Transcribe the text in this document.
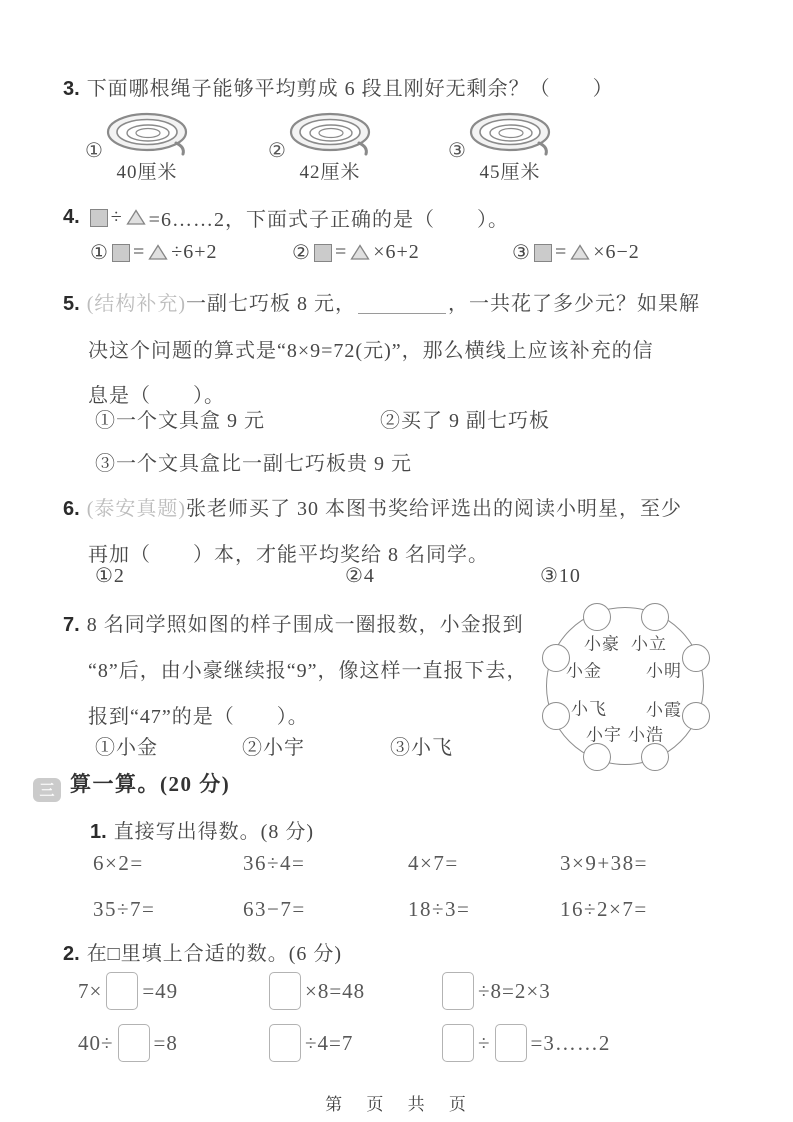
3. 下面哪根绳子能够平均剪成 6 段且刚好无剩余？（　　）
①
40厘米
②
42厘米
③
45厘米
4. ÷ =6……2，下面式子正确的是（　　）。
① = ÷6+2	② = ×6+2	③ = ×6−2
5. (结构补充)一副七巧板 8 元，	，一共花了多少元？如果解
决这个问题的算式是“8×9=72(元)”，那么横线上应该补充的信
息是（　　）。
①一个文具盒 9 元	②买了 9 副七巧板
③一个文具盒比一副七巧板贵 9 元
6. (泰安真题)张老师买了 30 本图书奖给评选出的阅读小明星，至少
再加（　　）本，才能平均奖给 8 名同学。
①2	②4	③10
7. 8 名同学照如图的样子围成一圈报数，小金报到
“8”后，由小豪继续报“9”，像这样一直报下去，
报到“47”的是（　　）。
①小金	②小宇	③小飞
小豪 小立
小金	小明
小飞 小霞
小宇 小浩
三 算一算。(20 分)
1. 直接写出得数。(8 分)
6×2=	36÷4=	4×7=	3×9+38=
35÷7=	63−7=	18÷3=	16÷2×7=
2. 在□里填上合适的数。(6 分)
7× =49	×8=48	÷8=2×3
40÷ =8	÷4=7	÷ =3……2
第 页 共 页
